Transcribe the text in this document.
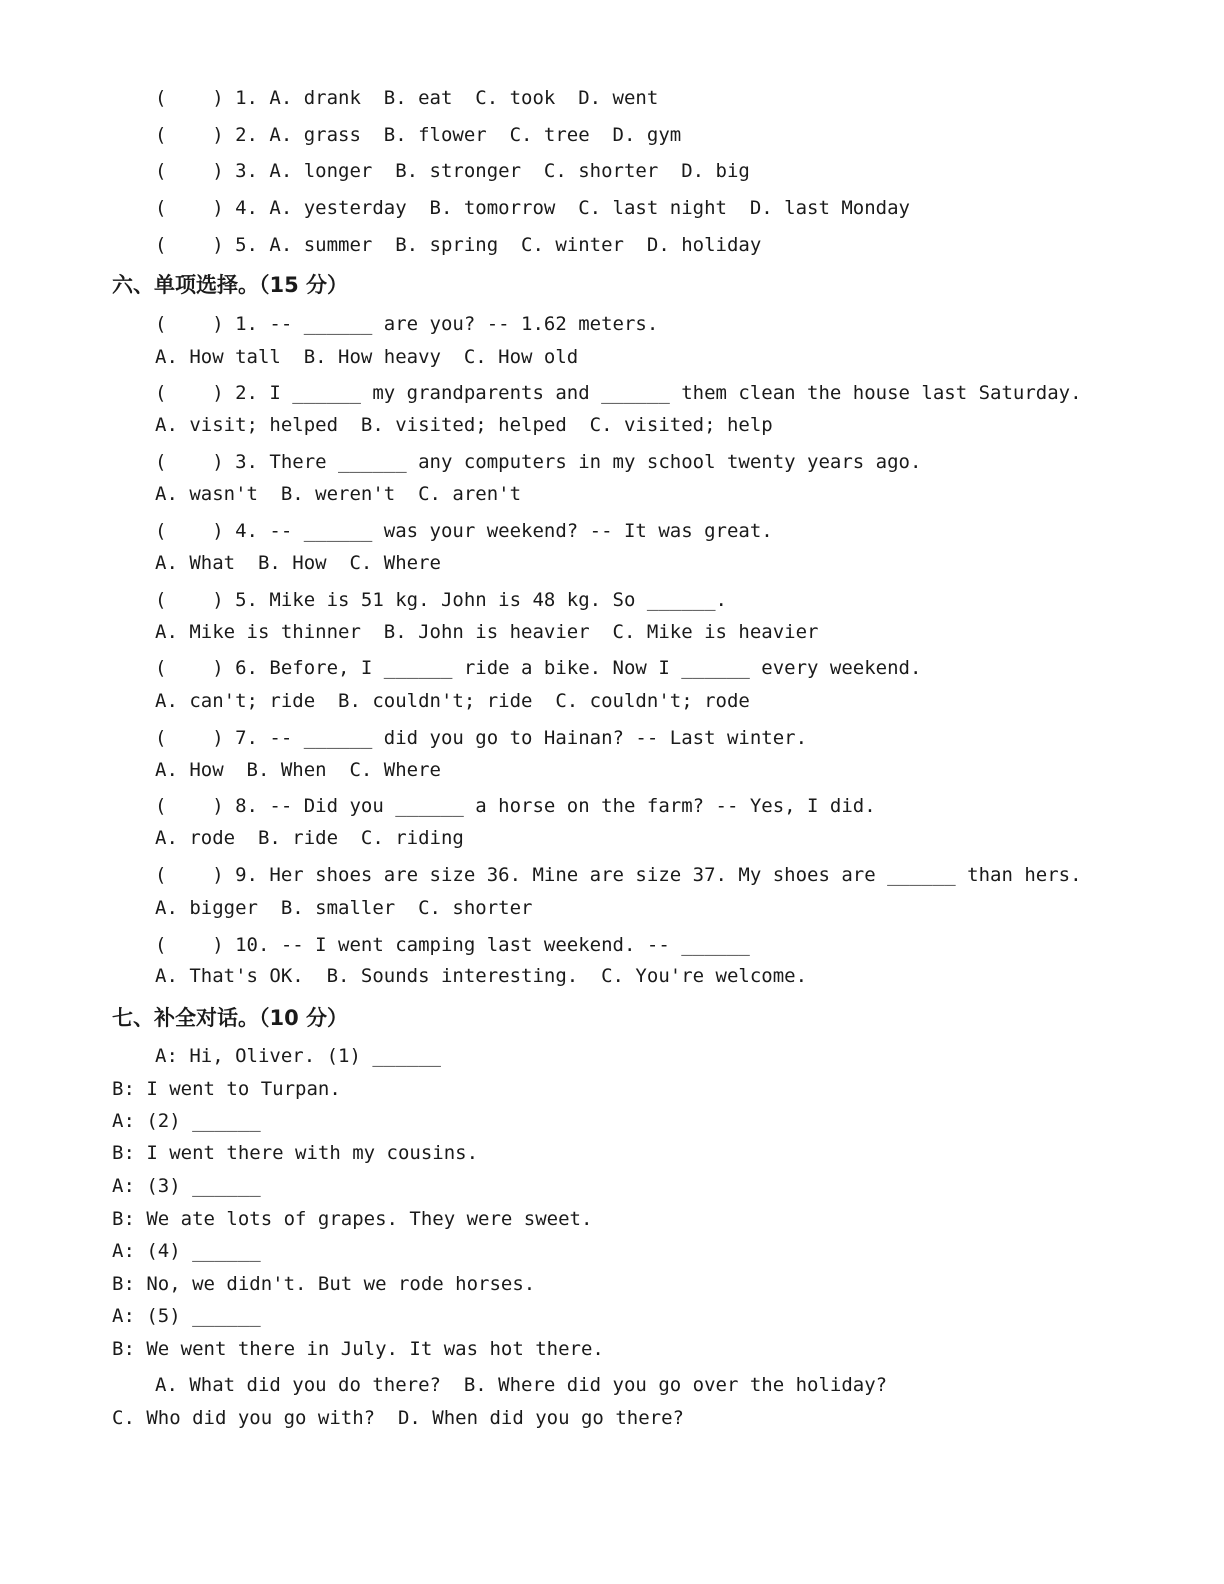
(    ) 1. A. drank  B. eat  C. took  D. went
(    ) 2. A. grass  B. flower  C. tree  D. gym
(    ) 3. A. longer  B. stronger  C. shorter  D. big
(    ) 4. A. yesterday  B. tomorrow  C. last night  D. last Monday
(    ) 5. A. summer  B. spring  C. winter  D. holiday
六、单项选择。（15 分）
(    ) 1. -- ______ are you? -- 1.62 meters.
A. How tall  B. How heavy  C. How old
(    ) 2. I ______ my grandparents and ______ them clean the house last Saturday.
A. visit; helped  B. visited; helped  C. visited; help
(    ) 3. There ______ any computers in my school twenty years ago.
A. wasn't  B. weren't  C. aren't
(    ) 4. -- ______ was your weekend? -- It was great.
A. What  B. How  C. Where
(    ) 5. Mike is 51 kg. John is 48 kg. So ______.
A. Mike is thinner  B. John is heavier  C. Mike is heavier
(    ) 6. Before, I ______ ride a bike. Now I ______ every weekend.
A. can't; ride  B. couldn't; ride  C. couldn't; rode
(    ) 7. -- ______ did you go to Hainan? -- Last winter.
A. How  B. When  C. Where
(    ) 8. -- Did you ______ a horse on the farm? -- Yes, I did.
A. rode  B. ride  C. riding
(    ) 9. Her shoes are size 36. Mine are size 37. My shoes are ______ than hers.
A. bigger  B. smaller  C. shorter
(    ) 10. -- I went camping last weekend. -- ______
A. That's OK.  B. Sounds interesting.  C. You're welcome.
七、补全对话。（10 分）
A: Hi, Oliver. (1) ______
B: I went to Turpan.
A: (2) ______
B: I went there with my cousins.
A: (3) ______
B: We ate lots of grapes. They were sweet.
A: (4) ______
B: No, we didn't. But we rode horses.
A: (5) ______
B: We went there in July. It was hot there.
A. What did you do there?  B. Where did you go over the holiday?
C. Who did you go with?  D. When did you go there?
